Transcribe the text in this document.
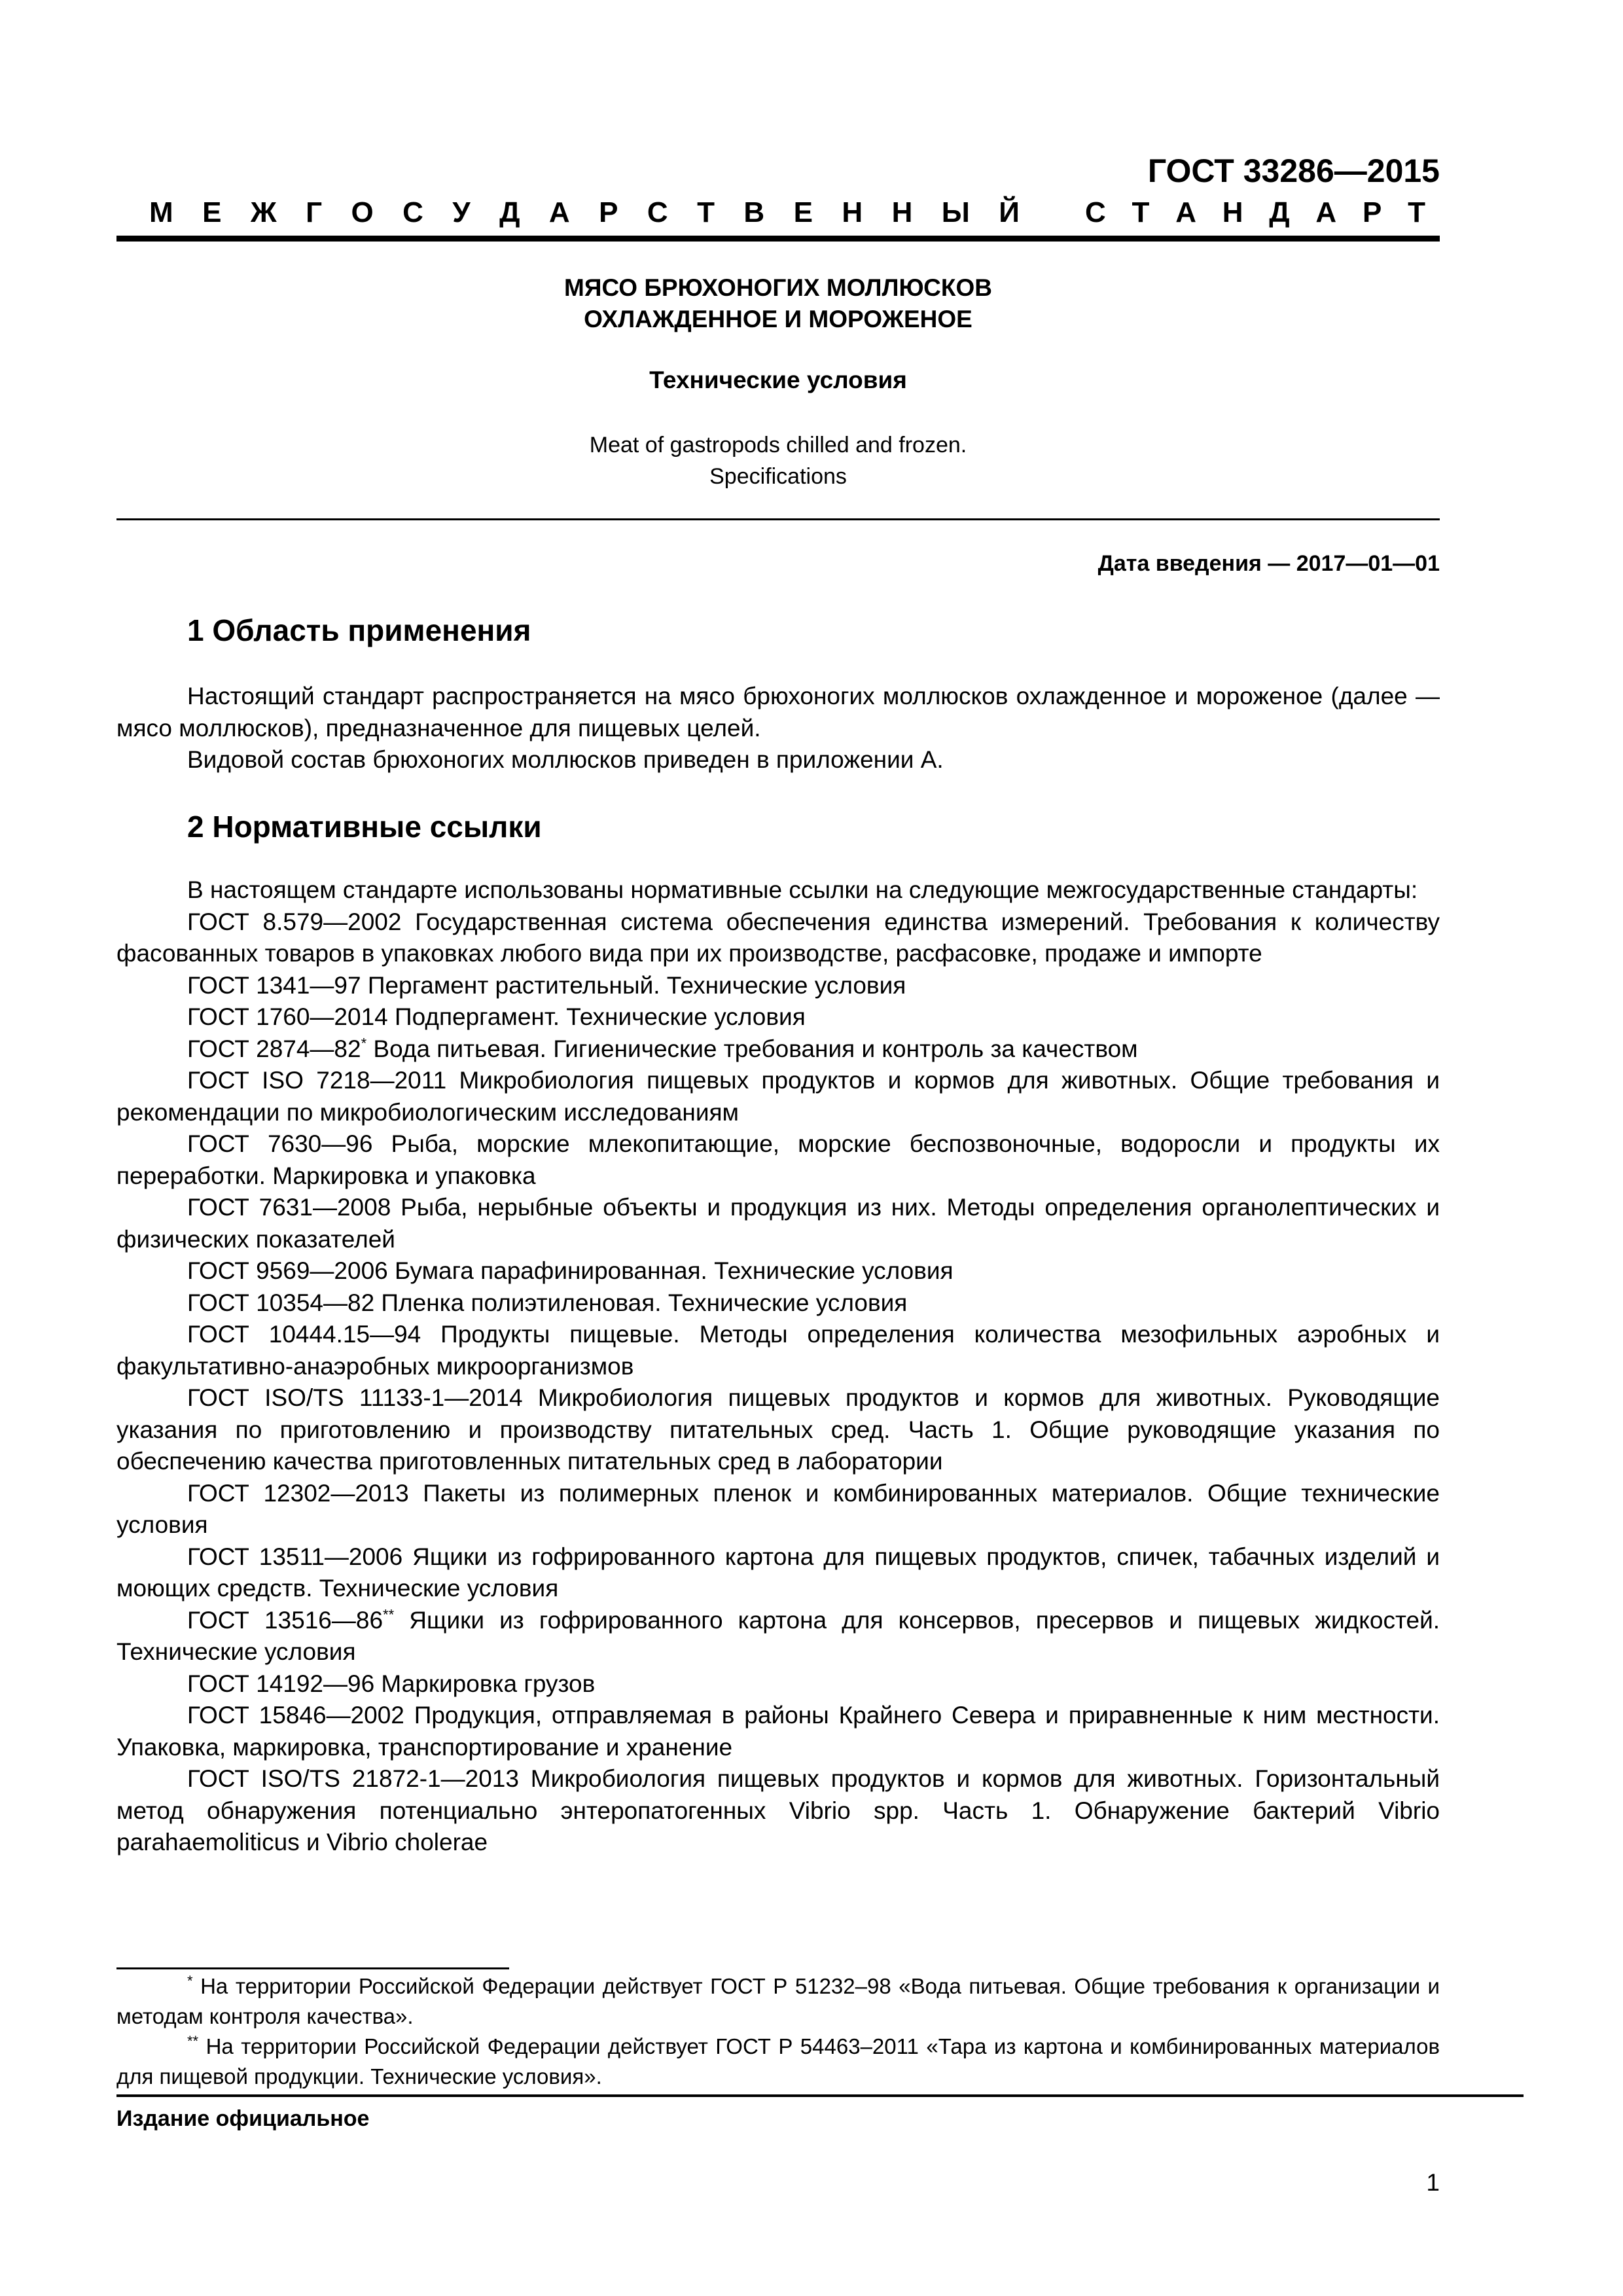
ГОСТ 33286—2015
М Е Ж Г О С У Д А Р С Т В Е Н Н Ы Й С Т А Н Д А Р Т
МЯСО БРЮХОНОГИХ МОЛЛЮСКОВ
ОХЛАЖДЕННОЕ И МОРОЖЕНОЕ
Технические условия
Meat of gastropods chilled and frozen.
Specifications
Дата введения — 2017—01—01
1 Область применения

Настоящий стандарт распространяется на мясо брюхоногих моллюсков охлажденное и мороженое (далее — мясо моллюсков), предназначенное для пищевых целей.

Видовой состав брюхоногих моллюсков приведен в приложении А.

2 Нормативные ссылки

В настоящем стандарте использованы нормативные ссылки на следующие межгосударственные стандарты:

ГОСТ 8.579—2002 Государственная система обеспечения единства измерений. Требования к количеству фасованных товаров в упаковках любого вида при их производстве, расфасовке, продаже и импорте

ГОСТ 1341—97 Пергамент растительный. Технические условия

ГОСТ 1760—2014 Подпергамент. Технические условия

ГОСТ 2874—82* Вода питьевая. Гигиенические требования и контроль за качеством

ГОСТ ISO 7218—2011 Микробиология пищевых продуктов и кормов для животных. Общие требования и рекомендации по микробиологическим исследованиям

ГОСТ 7630—96 Рыба, морские млекопитающие, морские беспозвоночные, водоросли и продукты их переработки. Маркировка и упаковка

ГОСТ 7631—2008 Рыба, нерыбные объекты и продукция из них. Методы определения органолептических и физических показателей

ГОСТ 9569—2006 Бумага парафинированная. Технические условия

ГОСТ 10354—82 Пленка полиэтиленовая. Технические условия

ГОСТ 10444.15—94 Продукты пищевые. Методы определения количества мезофильных аэробных и факультативно-анаэробных микроорганизмов

ГОСТ ISO/TS 11133-1—2014 Микробиология пищевых продуктов и кормов для животных. Руководящие указания по приготовлению и производству питательных сред. Часть 1. Общие руководящие указания по обеспечению качества приготовленных питательных сред в лаборатории

ГОСТ 12302—2013 Пакеты из полимерных пленок и комбинированных материалов. Общие технические условия

ГОСТ 13511—2006 Ящики из гофрированного картона для пищевых продуктов, спичек, табачных изделий и моющих средств. Технические условия

ГОСТ 13516—86** Ящики из гофрированного картона для консервов, пресервов и пищевых жидкостей. Технические условия

ГОСТ 14192—96 Маркировка грузов

ГОСТ 15846—2002 Продукция, отправляемая в районы Крайнего Севера и приравненные к ним местности. Упаковка, маркировка, транспортирование и хранение

ГОСТ ISO/TS 21872-1—2013 Микробиология пищевых продуктов и кормов для животных. Горизонтальный метод обнаружения потенциально энтеропатогенных Vibrio spp. Часть 1. Обнаружение бактерий Vibrio parahaemoliticus и Vibrio cholerae

* На территории Российской Федерации действует ГОСТ Р 51232–98 «Вода питьевая. Общие требования к организации и методам контроля качества».

** На территории Российской Федерации действует ГОСТ Р 54463–2011 «Тара из картона и комбинированных материалов для пищевой продукции. Технические условия».

Издание официальное
1
